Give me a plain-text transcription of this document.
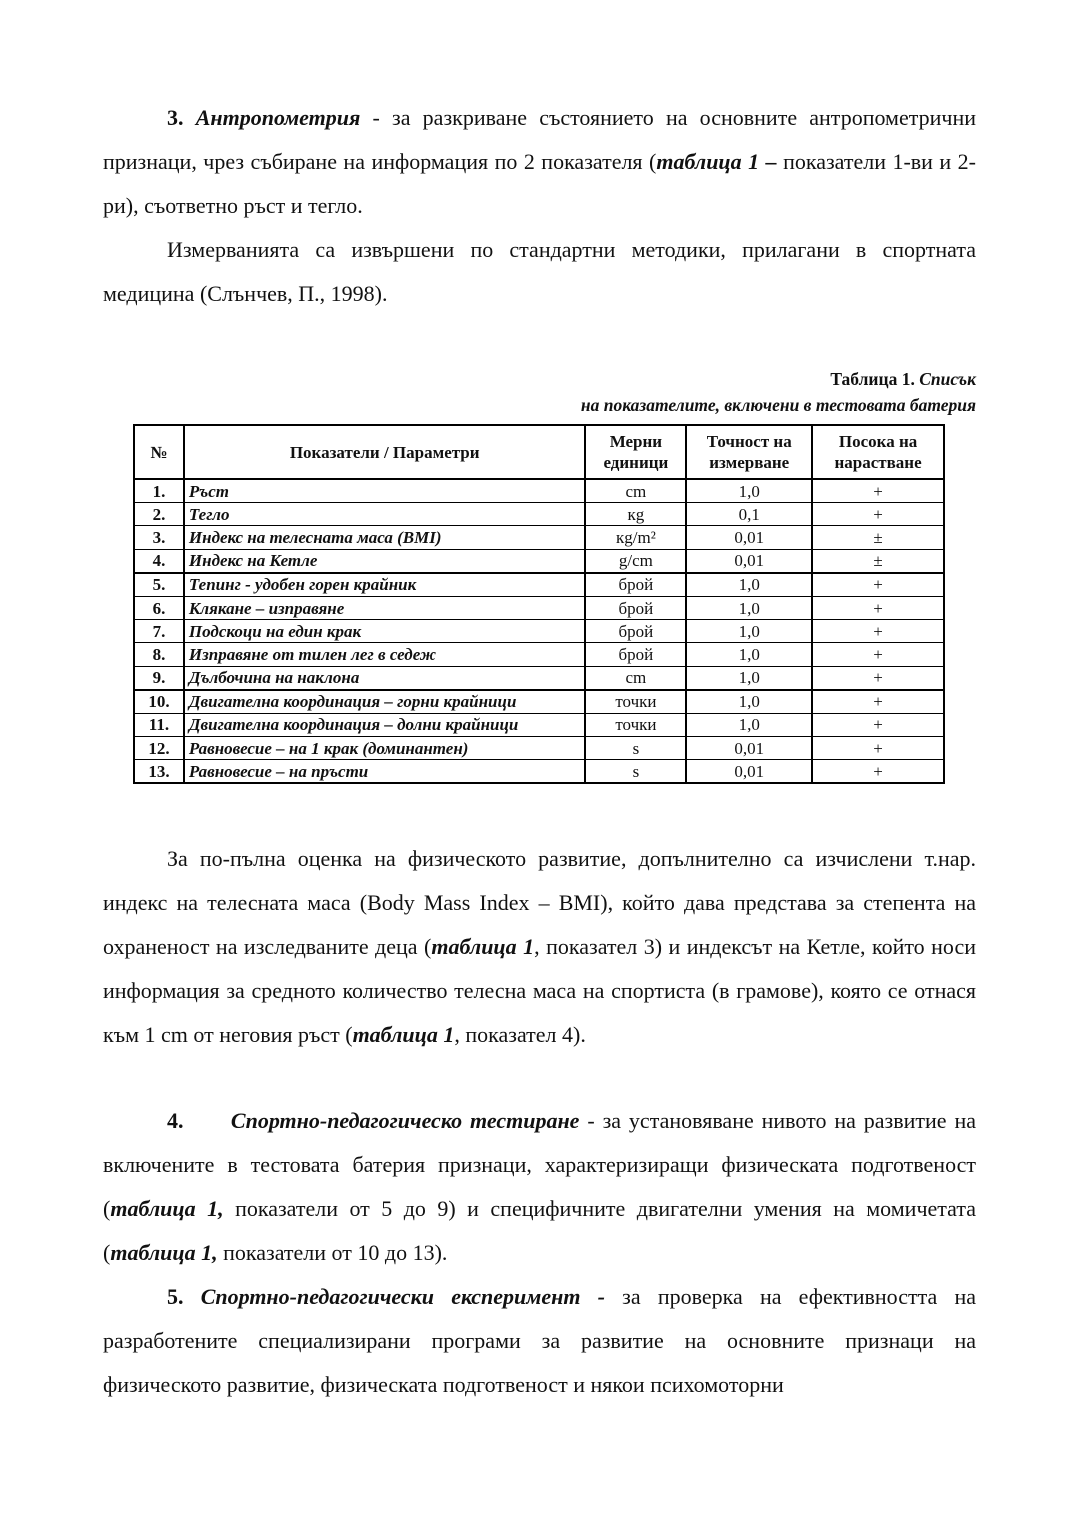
3. Антропометрия - за разкриване състоянието на основните антропометрични признаци, чрез събиране на информация по 2 показателя (таблица 1 – показатели 1-ви и 2-ри), съответно ръст и тегло.

Измерванията са извършени по стандартни методики, прилагани в спортната медицина (Слънчев, П., 1998).

Таблица 1. Списък
на показателите, включени в тестовата батерия
№	Показатели / Параметри	Мерни единици	Точност на измерване	Посока на нарастване
1.	Ръст	cm	1,0	+
2.	Тегло	кg	0,1	+
3.	Индекс на телесната маса (BMI)	кg/m²	0,01	±
4.	Индекс на Кетле	g/cm	0,01	±
5.	Тепинг - удобен горен крайник	брой	1,0	+
6.	Клякане – изправяне	брой	1,0	+
7.	Подскоци на един крак	брой	1,0	+
8.	Изправяне от тилен лег в седеж	брой	1,0	+
9.	Дълбочина на наклона	cm	1,0	+
10.	Двигателна координация – горни крайници	точки	1,0	+
11.	Двигателна координация – долни крайници	точки	1,0	+
12.	Равновесие – на 1 крак (доминантен)	s	0,01	+
13.	Равновесие – на пръсти	s	0,01	+

За по-пълна оценка на физическото развитие, допълнително са изчислени т.нар. индекс на телесната маса (Body Mass Index – BMI), който дава представа за степента на охраненост на изследваните деца (таблица 1, показател 3) и индексът на Кетле, който носи информация за средното количество телесна маса на спортиста (в грамове), която се отнася към 1 cm от неговия ръст (таблица 1, показател 4).

4. Спортно-педагогическо тестиране - за установяване нивото на развитие на включените в тестовата батерия признаци, характеризиращи физическата подготвеност (таблица 1, показатели от 5 до 9) и специфичните двигателни умения на момичетата (таблица 1, показатели от 10 до 13).

5. Спортно-педагогически експеримент - за проверка на ефективността на разработените специализирани програми за развитие на основните признаци на физическото развитие, физическата подготвеност и някои психомоторни
